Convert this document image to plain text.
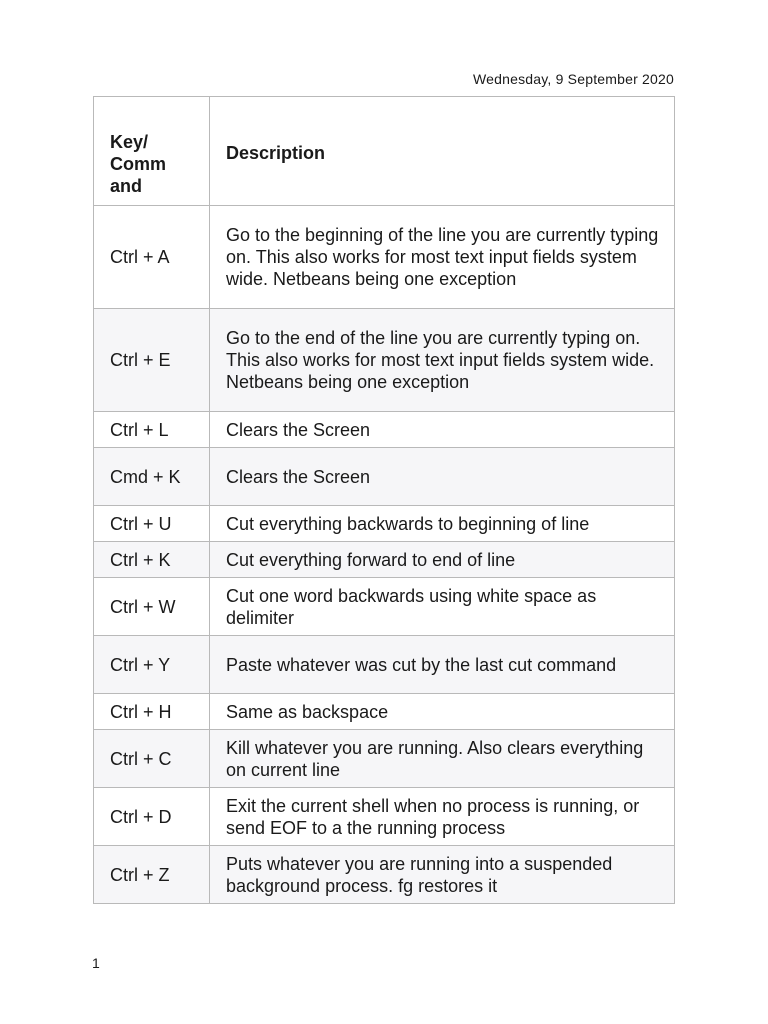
Wednesday, 9 September 2020

Key/
Comm
and	Description
Ctrl + A	Go to the beginning of the line you are currently typing on. This also works for most text input fields system wide. Netbeans being one exception
Ctrl + E	Go to the end of the line you are currently typing on. This also works for most text input fields system wide. Netbeans being one exception
Ctrl + L	Clears the Screen
Cmd + K	Clears the Screen
Ctrl + U	Cut everything backwards to beginning of line
Ctrl + K	Cut everything forward to end of line
Ctrl + W	Cut one word backwards using white space as delimiter
Ctrl + Y	Paste whatever was cut by the last cut command
Ctrl + H	Same as backspace
Ctrl + C	Kill whatever you are running. Also clears everything on current line
Ctrl + D	Exit the current shell when no process is running, or send EOF to a the running process
Ctrl + Z	Puts whatever you are running into a suspended background process. fg restores it
1
